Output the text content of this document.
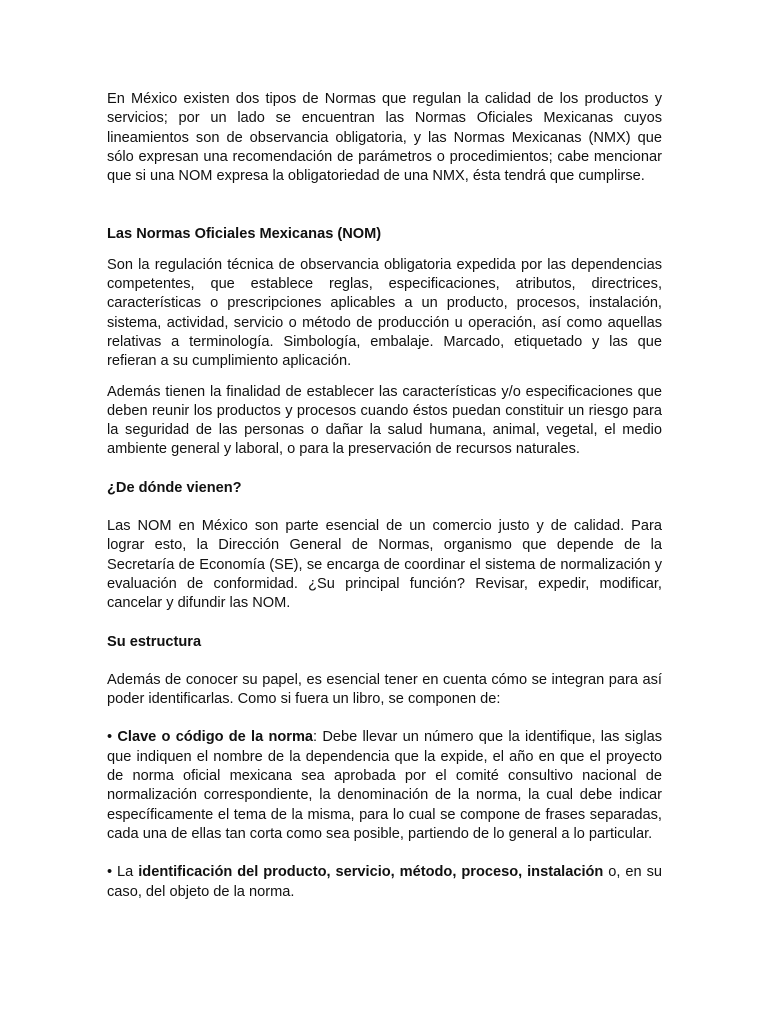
En México existen dos tipos de Normas que regulan la calidad de los productos y servicios; por un lado se encuentran las Normas Oficiales Mexicanas cuyos lineamientos son de observancia obligatoria, y las Normas Mexicanas (NMX) que sólo expresan una recomendación de parámetros o procedimientos; cabe mencionar que si una NOM expresa la obligatoriedad de una NMX, ésta tendrá que cumplirse.

Las Normas Oficiales Mexicanas (NOM)

Son la regulación técnica de observancia obligatoria expedida por las dependencias competentes, que establece reglas, especificaciones, atributos, directrices, características o prescripciones aplicables a un producto, procesos, instalación, sistema, actividad, servicio o método de producción u operación, así como aquellas relativas a terminología. Simbología, embalaje. Marcado, etiquetado y las que refieran a su cumplimiento aplicación.

Además tienen la finalidad de establecer las características y/o especificaciones que deben reunir los productos y procesos cuando éstos puedan constituir un riesgo para la seguridad de las personas o dañar la salud humana, animal, vegetal, el medio ambiente general y laboral, o para la preservación de recursos naturales.

¿De dónde vienen?

Las NOM en México son parte esencial de un comercio justo y de calidad. Para lograr esto, la Dirección General de Normas, organismo que depende de la Secretaría de Economía (SE), se encarga de coordinar el sistema de normalización y evaluación de conformidad. ¿Su principal función? Revisar, expedir, modificar, cancelar y difundir las NOM.

Su estructura

Además de conocer su papel, es esencial tener en cuenta cómo se integran para así poder identificarlas. Como si fuera un libro, se componen de:

• Clave o código de la norma: Debe llevar un número que la identifique, las siglas que indiquen el nombre de la dependencia que la expide, el año en que el proyecto de norma oficial mexicana sea aprobada por el comité consultivo nacional de normalización correspondiente, la denominación de la norma, la cual debe indicar específicamente el tema de la misma, para lo cual se compone de frases separadas, cada una de ellas tan corta como sea posible, partiendo de lo general a lo particular.

• La identificación del producto, servicio, método, proceso, instalación o, en su caso, del objeto de la norma.
